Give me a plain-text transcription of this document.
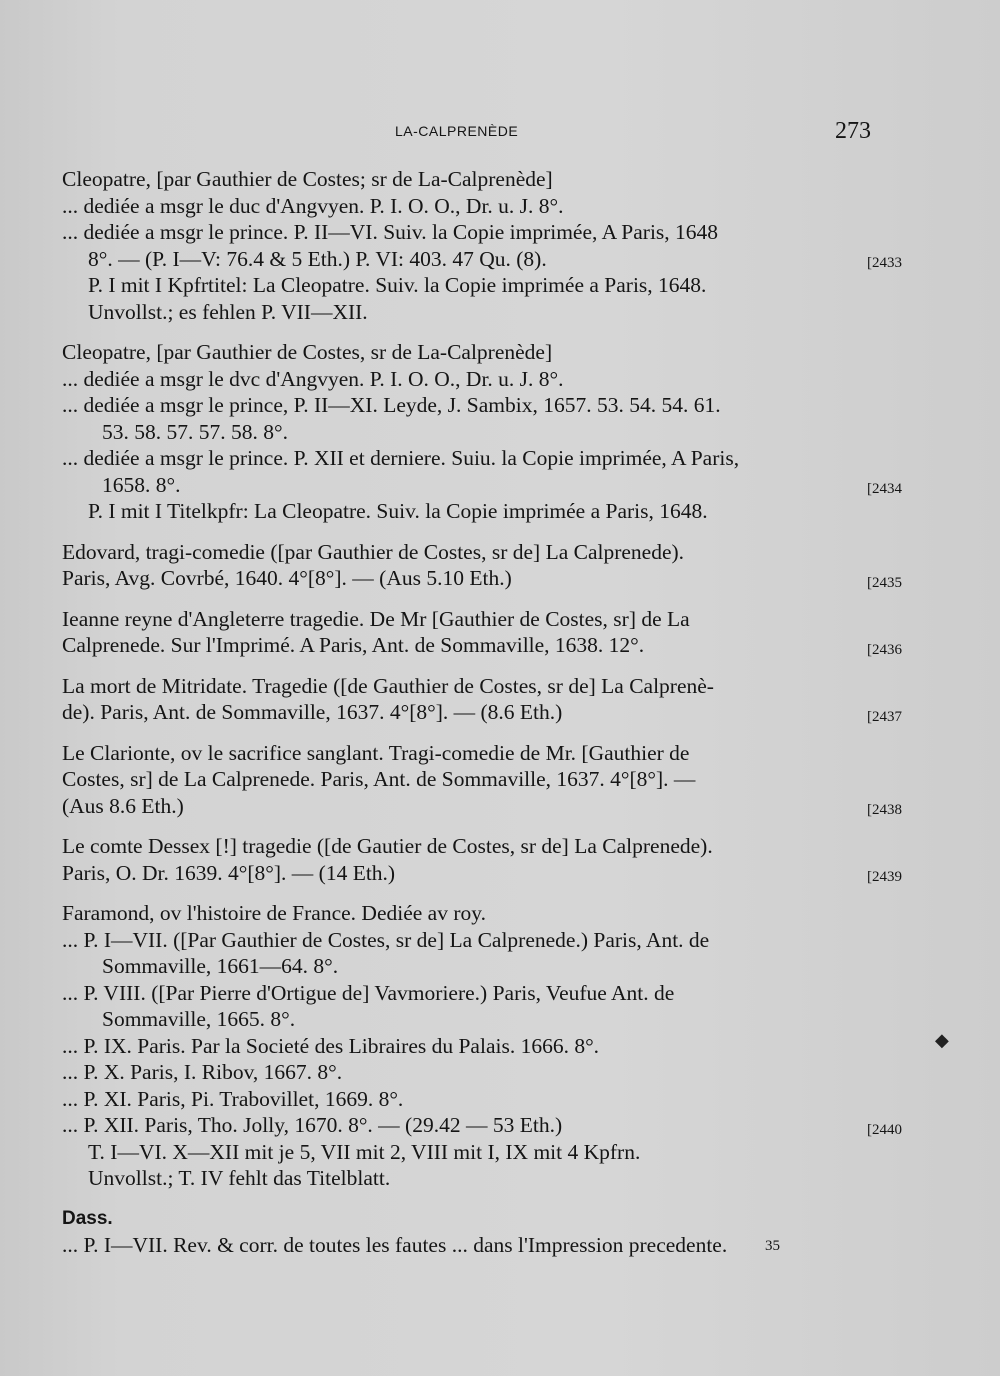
LA-CALPRENÈDE	273
Cleopatre, [par Gauthier de Costes; sr de La-Calprenède]
... dediée a msgr le duc d'Angvyen. P. I. O. O., Dr. u. J. 8°.
... dediée a msgr le prince. P. II—VI. Suiv. la Copie imprimée, A Paris, 1648
8°. — (P. I—V: 76.4 & 5 Eth.) P. VI: 403. 47 Qu. (8).	[2433
P. I mit I Kpfrtitel: La Cleopatre. Suiv. la Copie imprimée a Paris, 1648.
Unvollst.; es fehlen P. VII—XII.
Cleopatre, [par Gauthier de Costes, sr de La-Calprenède]
... dediée a msgr le dvc d'Angvyen. P. I. O. O., Dr. u. J. 8°.
... dediée a msgr le prince, P. II—XI. Leyde, J. Sambix, 1657. 53. 54. 54. 61.
53. 58. 57. 57. 58. 8°.
... dediée a msgr le prince. P. XII et derniere. Suiu. la Copie imprimée, A Paris,
1658. 8°.	[2434
P. I mit I Titelkpfr: La Cleopatre. Suiv. la Copie imprimée a Paris, 1648.
Edovard, tragi-comedie ([par Gauthier de Costes, sr de] La Calprenede).
Paris, Avg. Covrbé, 1640. 4°[8°]. — (Aus 5.10 Eth.)	[2435
Ieanne reyne d'Angleterre tragedie. De Mr [Gauthier de Costes, sr] de La
Calprenede. Sur l'Imprimé. A Paris, Ant. de Sommaville, 1638. 12°.	[2436
La mort de Mitridate. Tragedie ([de Gauthier de Costes, sr de] La Calprenè-
de). Paris, Ant. de Sommaville, 1637. 4°[8°]. — (8.6 Eth.)	[2437
Le Clarionte, ov le sacrifice sanglant. Tragi-comedie de Mr. [Gauthier de
Costes, sr] de La Calprenede. Paris, Ant. de Sommaville, 1637. 4°[8°]. —
(Aus 8.6 Eth.)	[2438
Le comte Dessex [!] tragedie ([de Gautier de Costes, sr de] La Calprenede).
Paris, O. Dr. 1639. 4°[8°]. — (14 Eth.)	[2439
Faramond, ov l'histoire de France. Dediée av roy.
... P. I—VII. ([Par Gauthier de Costes, sr de] La Calprenede.) Paris, Ant. de
Sommaville, 1661—64. 8°.
... P. VIII. ([Par Pierre d'Ortigue de] Vavmoriere.) Paris, Veufue Ant. de
Sommaville, 1665. 8°.
... P. IX. Paris. Par la Societé des Libraires du Palais. 1666. 8°.
... P. X. Paris, I. Ribov, 1667. 8°.
... P. XI. Paris, Pi. Trabovillet, 1669. 8°.
... P. XII. Paris, Tho. Jolly, 1670. 8°. — (29.42 — 53 Eth.)	[2440
T. I—VI. X—XII mit je 5, VII mit 2, VIII mit I, IX mit 4 Kpfrn.
Unvollst.; T. IV fehlt das Titelblatt.
Dass.
... P. I—VII. Rev. & corr. de toutes les fautes ... dans l'Impression precedente.	35
◆
